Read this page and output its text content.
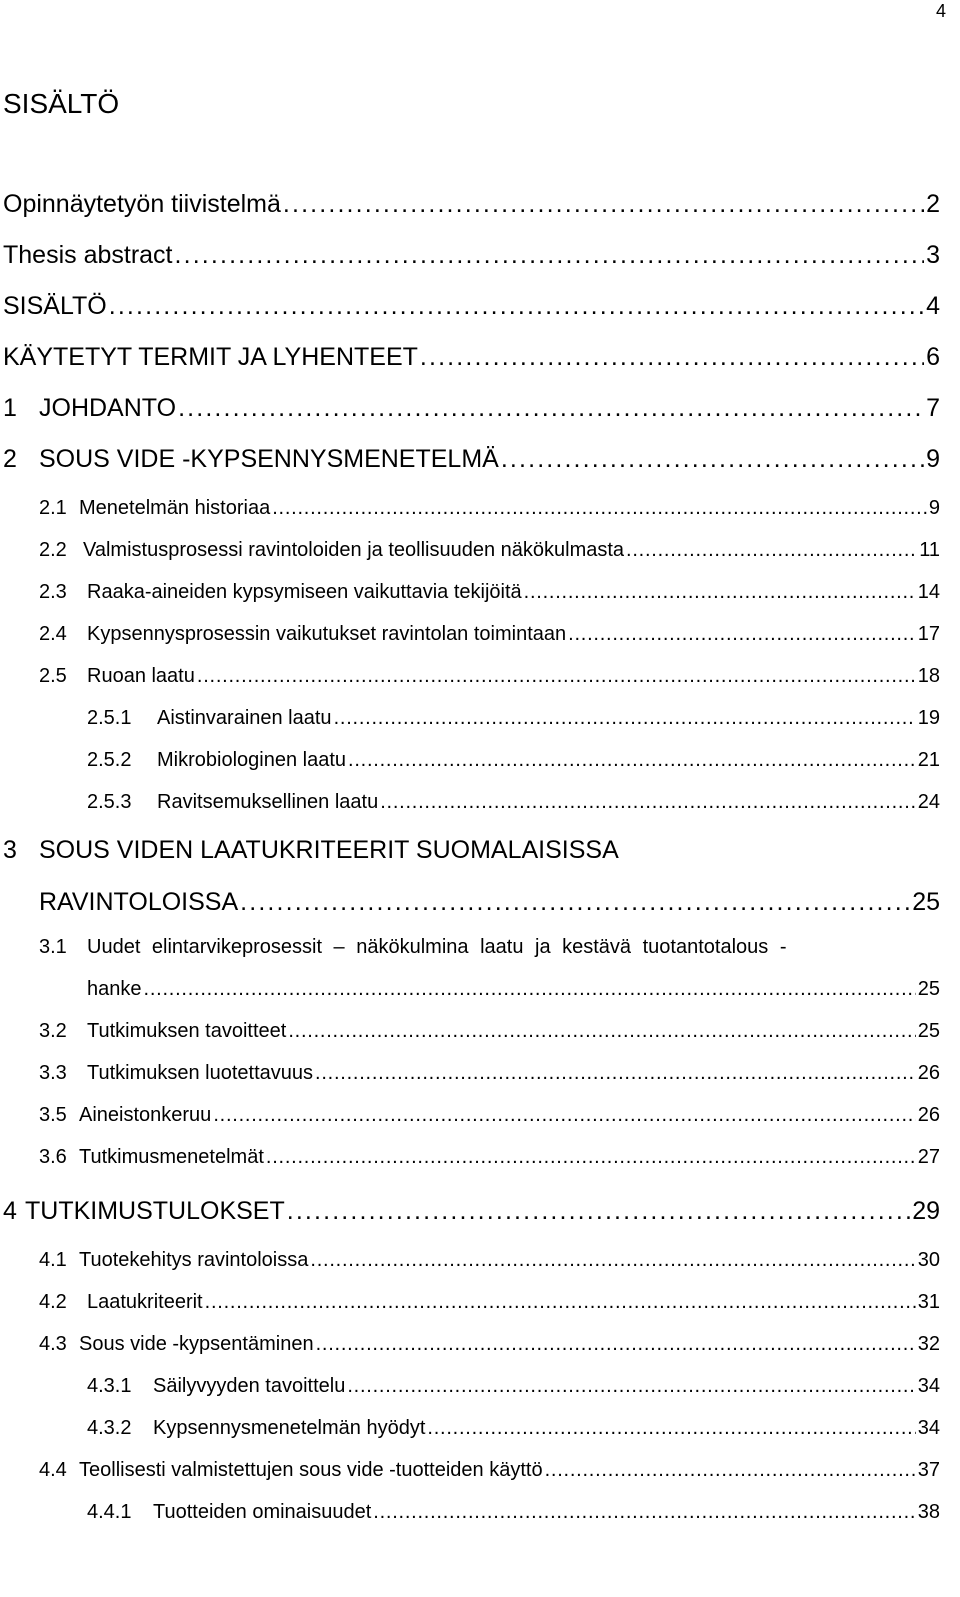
4
SISÄLTÖ
Opinnäytetyön tiivistelmä . . .	2
Thesis abstract . . .	3
SISÄLTÖ . . .	4
KÄYTETYT TERMIT JA LYHENTEET . . .	6
1 JOHDANTO . . .	7
2 SOUS VIDE -KYPSENNYSMENETELMÄ . . .	9
2.1 Menetelmän historiaa . . .	9
2.2 Valmistusprosessi ravintoloiden ja teollisuuden näkökulmasta . . .	11
2.3	Raaka-aineiden kypsymiseen vaikuttavia tekijöitä . . .	14
2.4	Kypsennysprosessin vaikutukset ravintolan toimintaan . . .	17
2.5	Ruoan laatu . . .	18
2.5.1	Aistinvarainen laatu . . .	19
2.5.2	Mikrobiologinen laatu . . .	21
2.5.3	Ravitsemuksellinen laatu . . .	24
3 SOUS VIDEN LAATUKRITEERIT SUOMALAISISSA
RAVINTOLOISSA . . .	25
3.1	Uudet elintarvikeprosessit – näkökulmina laatu ja kestävä tuotantotalous -
hanke . . .	25
3.2	Tutkimuksen tavoitteet . . .	25
3.3	Tutkimuksen luotettavuus . . .	26
3.5 Aineistonkeruu . . .	26
3.6 Tutkimusmenetelmät . . .	27
4 TUTKIMUSTULOKSET . . .	29
4.1 Tuotekehitys ravintoloissa . . .	30
4.2	Laatukriteerit . . .	31
4.3 Sous vide -kypsentäminen . . .	32
4.3.1	Säilyvyyden tavoittelu . . .	34
4.3.2	Kypsennysmenetelmän hyödyt . . .	34
4.4 Teollisesti valmistettujen sous vide -tuotteiden käyttö . . .	37
4.4.1	Tuotteiden ominaisuudet . . .	38
